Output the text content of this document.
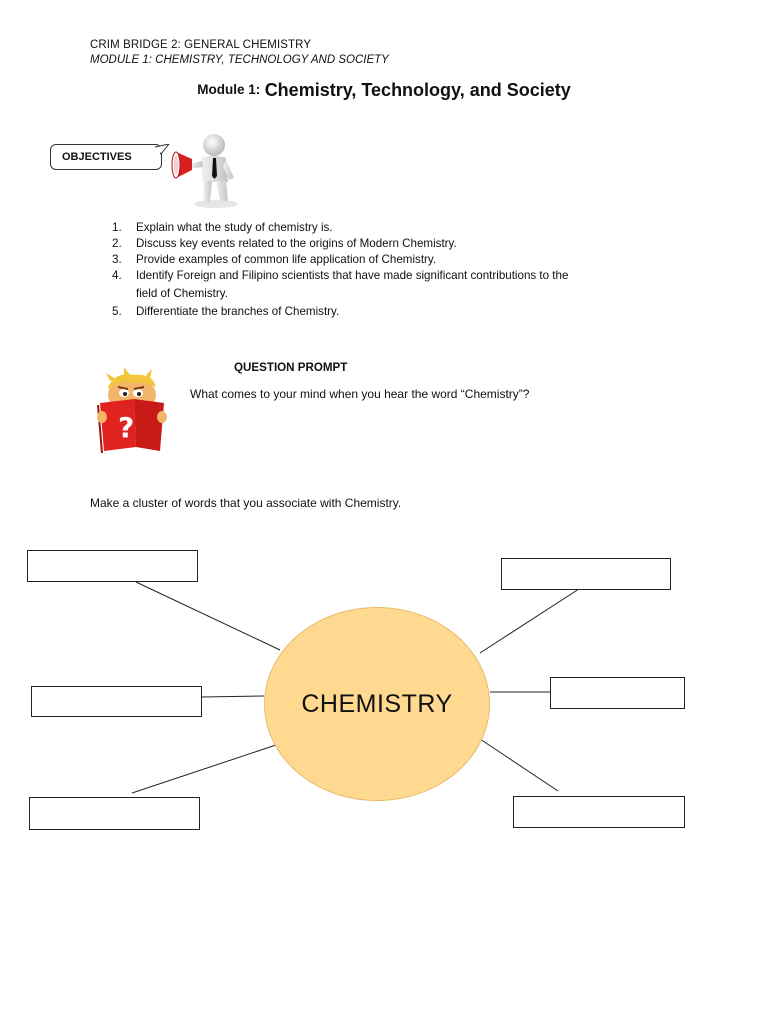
CRIM BRIDGE 2: GENERAL CHEMISTRY
MODULE 1: CHEMISTRY, TECHNOLOGY AND SOCIETY
Module 1: Chemistry, Technology, and Society
OBJECTIVES
1.	Explain what the study of chemistry is.
2.	Discuss key events related to the origins of Modern Chemistry.
3.	Provide examples of common life application of Chemistry.
4.	Identify Foreign and Filipino scientists that have made significant contributions to the
field of Chemistry.
5.	Differentiate the branches of Chemistry.
QUESTION PROMPT
?
What comes to your mind when you hear the word “Chemistry”?
Make a cluster of words that you associate with Chemistry.
CHEMISTRY
